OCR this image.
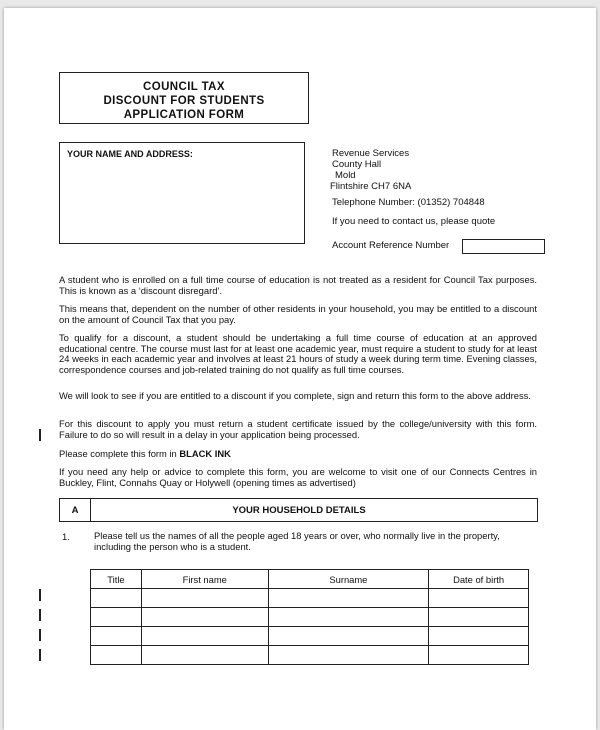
COUNCIL TAX
DISCOUNT FOR STUDENTS
APPLICATION FORM
YOUR NAME AND ADDRESS:	Revenue Services
County Hall
Mold
Flintshire CH7 6NA
Telephone Number: (01352) 704848
If you need to contact us, please quote
Account Reference Number
A student who is enrolled on a full time course of education is not treated as a resident for Council Tax purposes. This is known as a ‘discount disregard’.
This means that, dependent on the number of other residents in your household, you may be entitled to a discount on the amount of Council Tax that you pay.
To qualify for a discount, a student should be undertaking a full time course of education at an approved educational centre. The course must last for at least one academic year, must require a student to study for at least 24 weeks in each academic year and involves at least 21 hours of study a week during term time. Evening classes, correspondence courses and job-related training do not qualify as full time courses.
We will look to see if you are entitled to a discount if you complete, sign and return this form to the above address.
For this discount to apply you must return a student certificate issued by the college/university with this form. Failure to do so will result in a delay in your application being processed.
Please complete this form in BLACK INK
If you need any help or advice to complete this form, you are welcome to visit one of our Connects Centres in Buckley, Flint, Connahs Quay or Holywell (opening times as advertised)
A	YOUR HOUSEHOLD DETAILS
1.	Please tell us the names of all the people aged 18 years or over, who normally live in the property, including the person who is a student.
Title	First name	Surname	Date of birth
